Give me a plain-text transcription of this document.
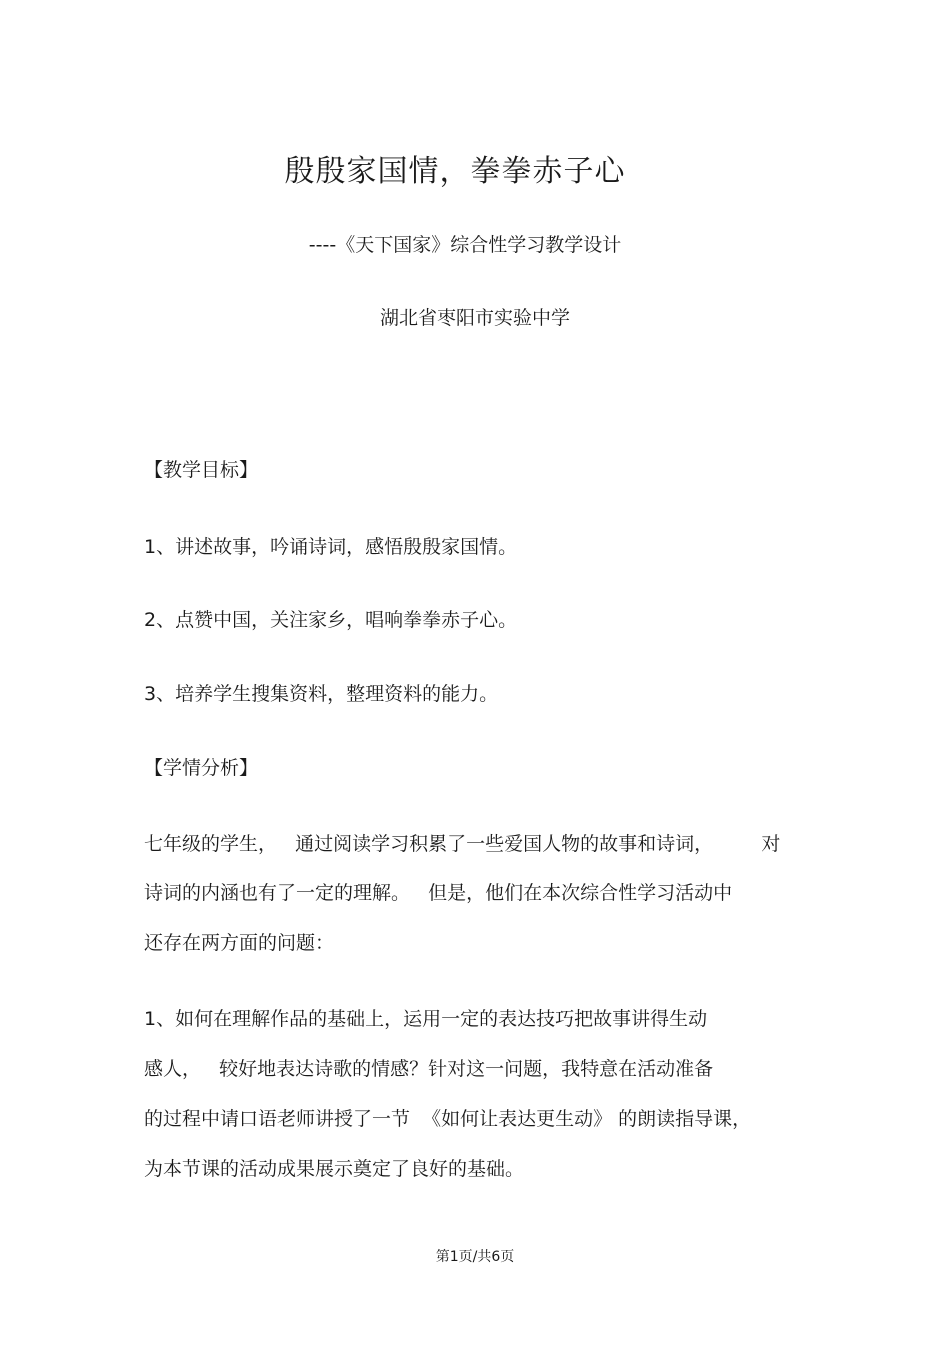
殷殷家国情，拳拳赤子心
----《天下国家》综合性学习教学设计
湖北省枣阳市实验中学
【教学目标】
1、讲述故事，吟诵诗词，感悟殷殷家国情。
2、点赞中国，关注家乡，唱响拳拳赤子心。
3、培养学生搜集资料，整理资料的能力。
【学情分析】
七年级的学生，   通过阅读学习积累了一些爱国人物的故事和诗词，        对
诗词的内涵也有了一定的理解。   但是，他们在本次综合性学习活动中
还存在两方面的问题：
1、如何在理解作品的基础上，运用一定的表达技巧把故事讲得生动
感人，   较好地表达诗歌的情感？针对这一问题，我特意在活动准备
的过程中请口语老师讲授了一节  《如何让表达更生动》 的朗读指导课，
为本节课的活动成果展示奠定了良好的基础。
第1页/共6页
